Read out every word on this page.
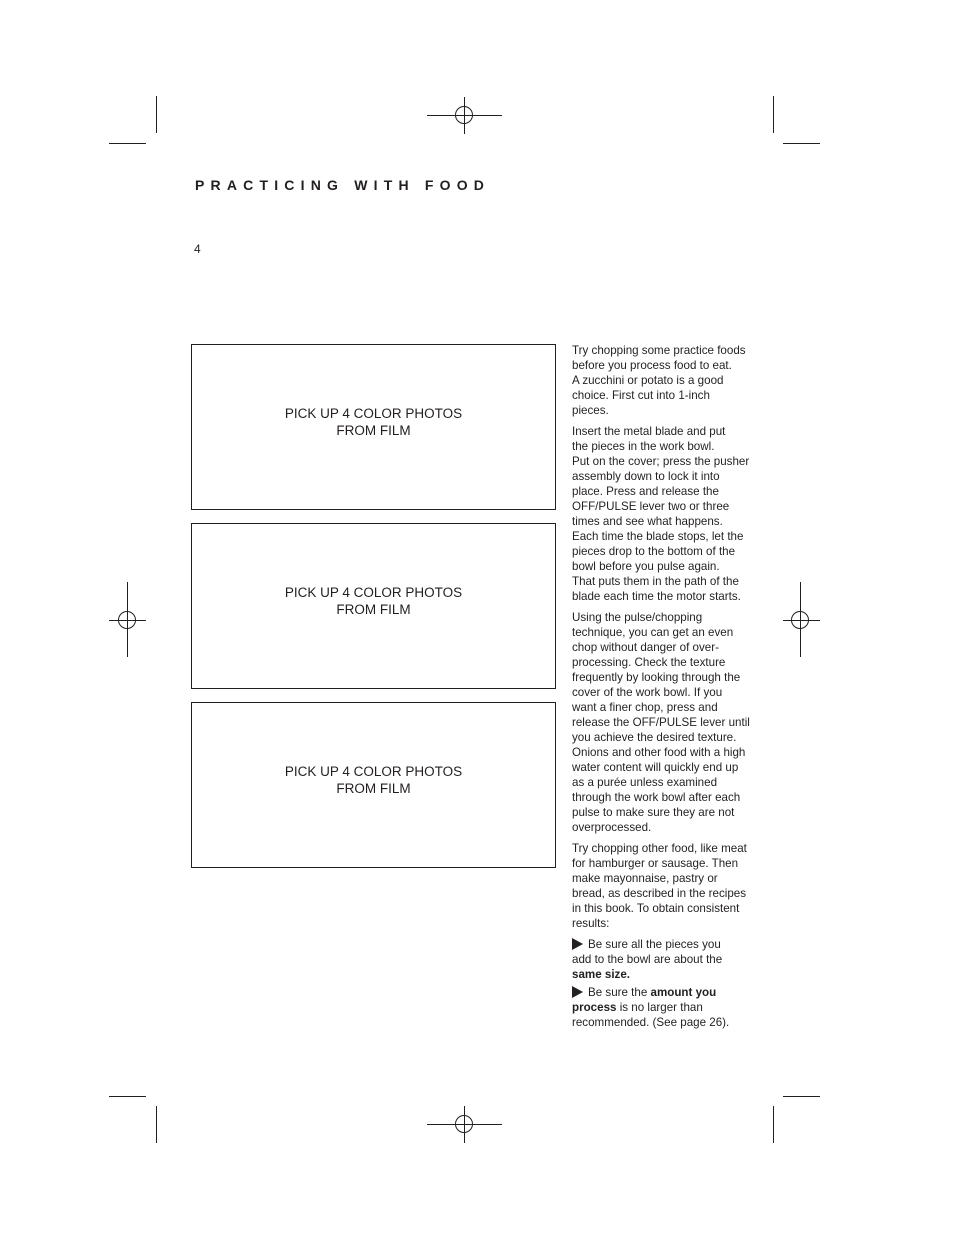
PRACTICING WITH FOOD
4
PICK UP 4 COLOR PHOTOS
FROM FILM
PICK UP 4 COLOR PHOTOS
FROM FILM
PICK UP 4 COLOR PHOTOS
FROM FILM

Try chopping some practice foods
before you process food to eat.
A zucchini or potato is a good
choice. First cut into 1-inch
pieces.

Insert the metal blade and put
the pieces in the work bowl.
Put on the cover; press the pusher
assembly down to lock it into
place. Press and release the
OFF/PULSE lever two or three
times and see what happens.
Each time the blade stops, let the
pieces drop to the bottom of the
bowl before you pulse again.
That puts them in the path of the
blade each time the motor starts.

Using the pulse/chopping
technique, you can get an even
chop without danger of over-
processing. Check the texture
frequently by looking through the
cover of the work bowl. If you
want a finer chop, press and
release the OFF/PULSE lever until
you achieve the desired texture.
Onions and other food with a high
water content will quickly end up
as a purée unless examined
through the work bowl after each
pulse to make sure they are not
overprocessed.

Try chopping other food, like meat
for hamburger or sausage. Then
make mayonnaise, pastry or
bread, as described in the recipes
in this book. To obtain consistent
results:

Be sure all the pieces you
add to the bowl are about the
same size.

Be sure the amount you
process is no larger than
recommended. (See page 26).
